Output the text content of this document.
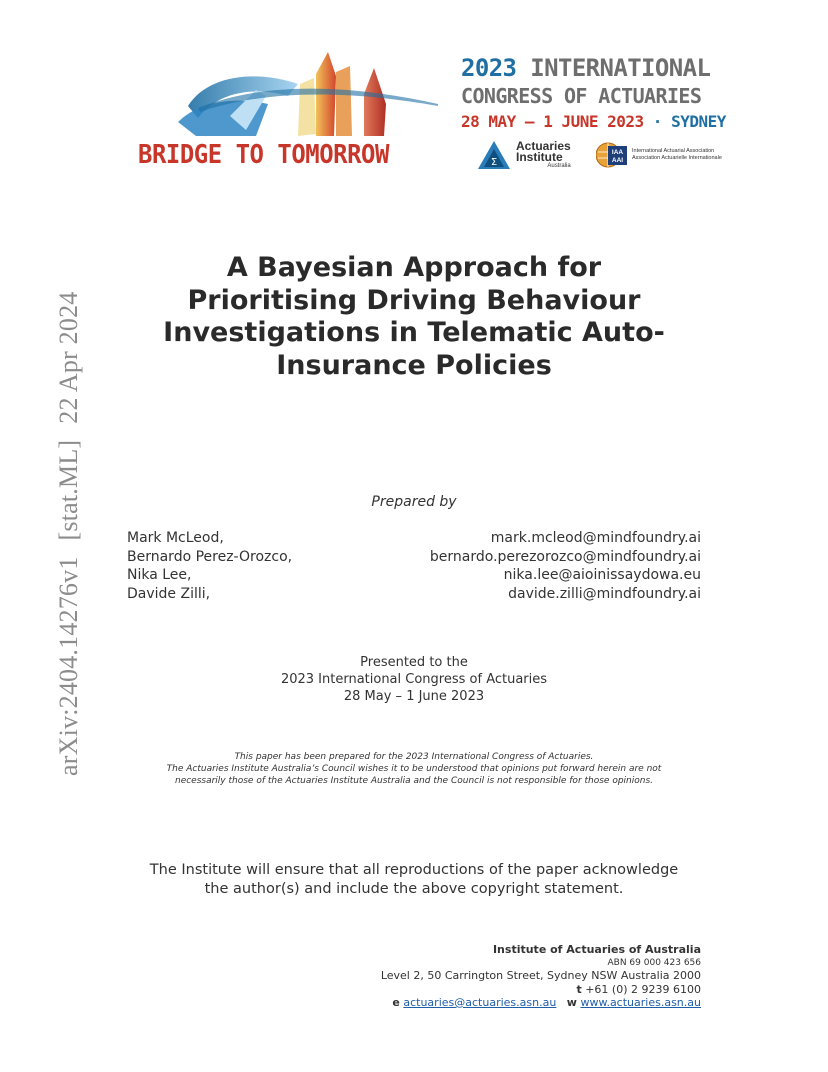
arXiv:2404.14276v1[stat.ML]22 Apr 2024
BRIDGE TO TOMORROW
2023 INTERNATIONAL
CONGRESS OF ACTUARIES
28 MAY – 1 JUNE 2023 · SYDNEY
Σ
Actuaries
Institute
Australia
IAA
AAI
International Actuarial Association
Association Actuarielle Internationale
A Bayesian Approach for
Prioritising Driving Behaviour
Investigations in Telematic Auto-
Insurance Policies
Prepared by
Mark McLeod,	mark.mcleod@mindfoundry.ai
Bernardo Perez-Orozco,	bernardo.perezorozco@mindfoundry.ai
Nika Lee,	nika.lee@aioinissaydowa.eu
Davide Zilli,	davide.zilli@mindfoundry.ai
Presented to the
2023 International Congress of Actuaries
28 May – 1 June 2023
This paper has been prepared for the 2023 International Congress of Actuaries.
The Actuaries Institute Australia’s Council wishes it to be understood that opinions put forward herein are not
necessarily those of the Actuaries Institute Australia and the Council is not responsible for those opinions.
The Institute will ensure that all reproductions of the paper acknowledge
the author(s) and include the above copyright statement.
Institute of Actuaries of Australia
ABN 69 000 423 656
Level 2, 50 Carrington Street, Sydney NSW Australia 2000
t +61 (0) 2 9239 6100
e actuaries@actuaries.asn.au w www.actuaries.asn.au
